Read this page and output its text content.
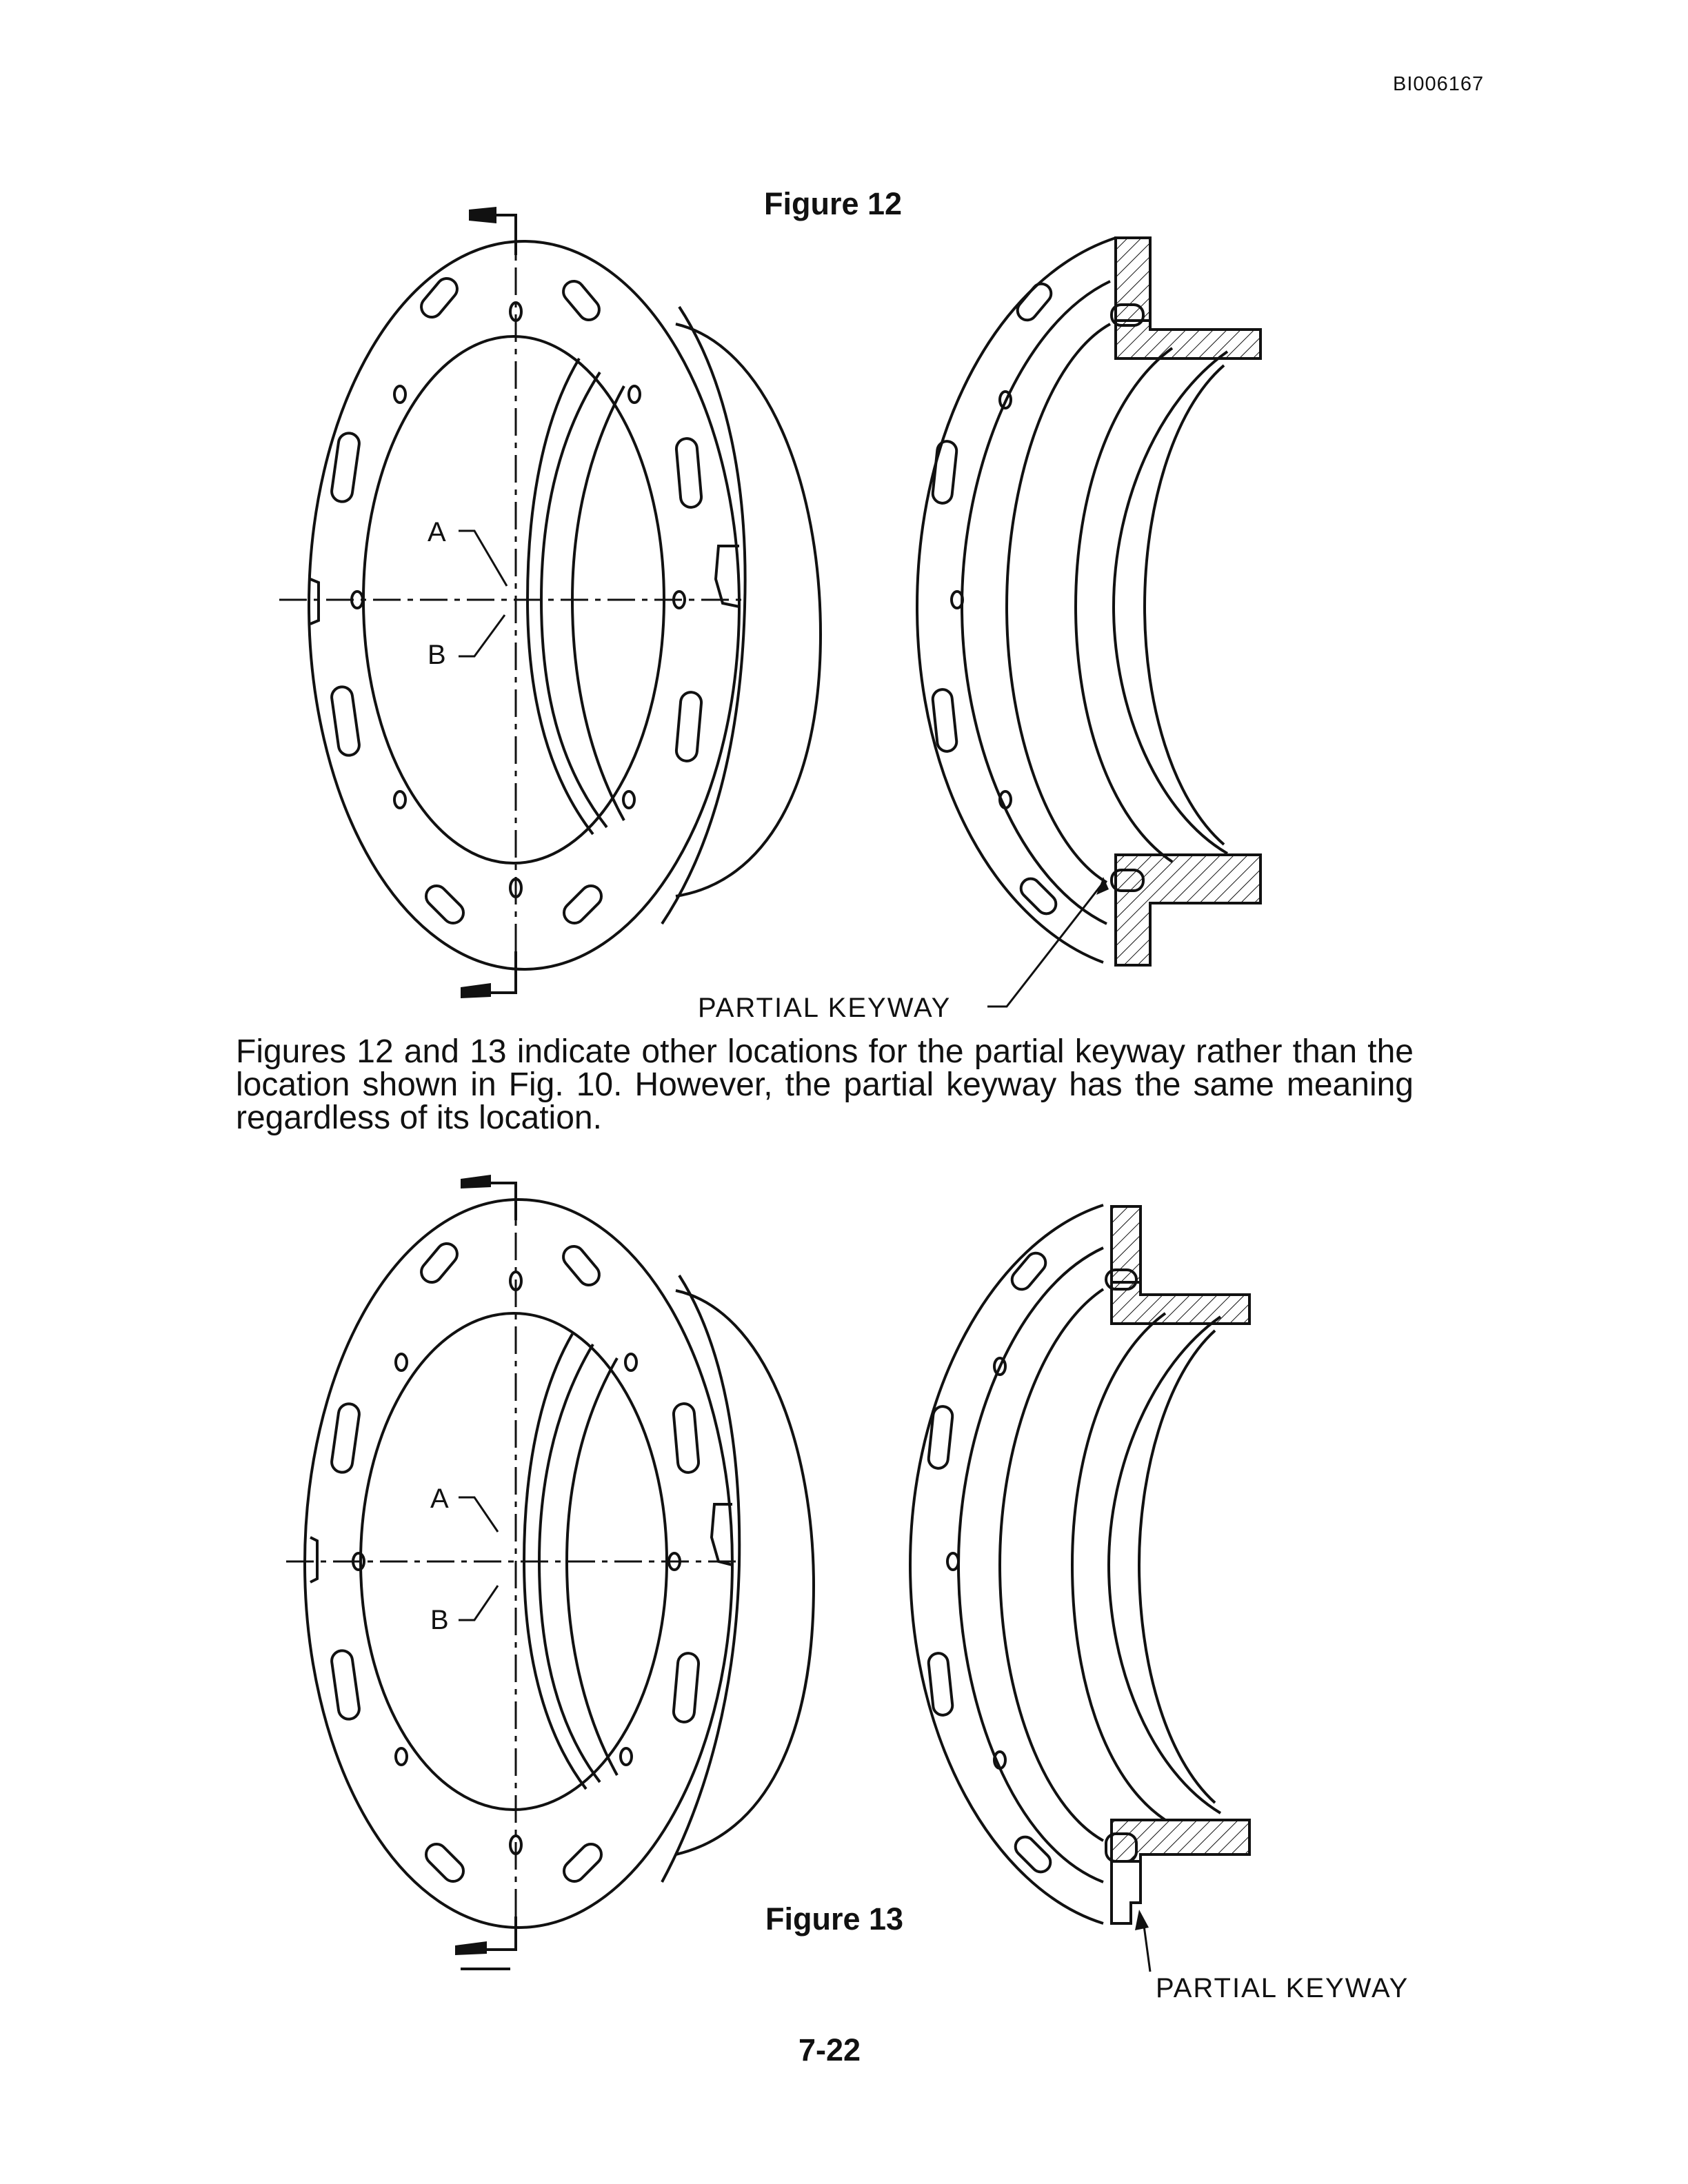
BI006167
Figure 12
A
B
PARTIAL KEYWAY

Figures 12 and 13 indicate other locations for the partial keyway rather than the location shown in Fig. 10. However, the partial keyway has the same meaning regardless of its location.

A
B
Figure 13
PARTIAL KEYWAY
7-22
